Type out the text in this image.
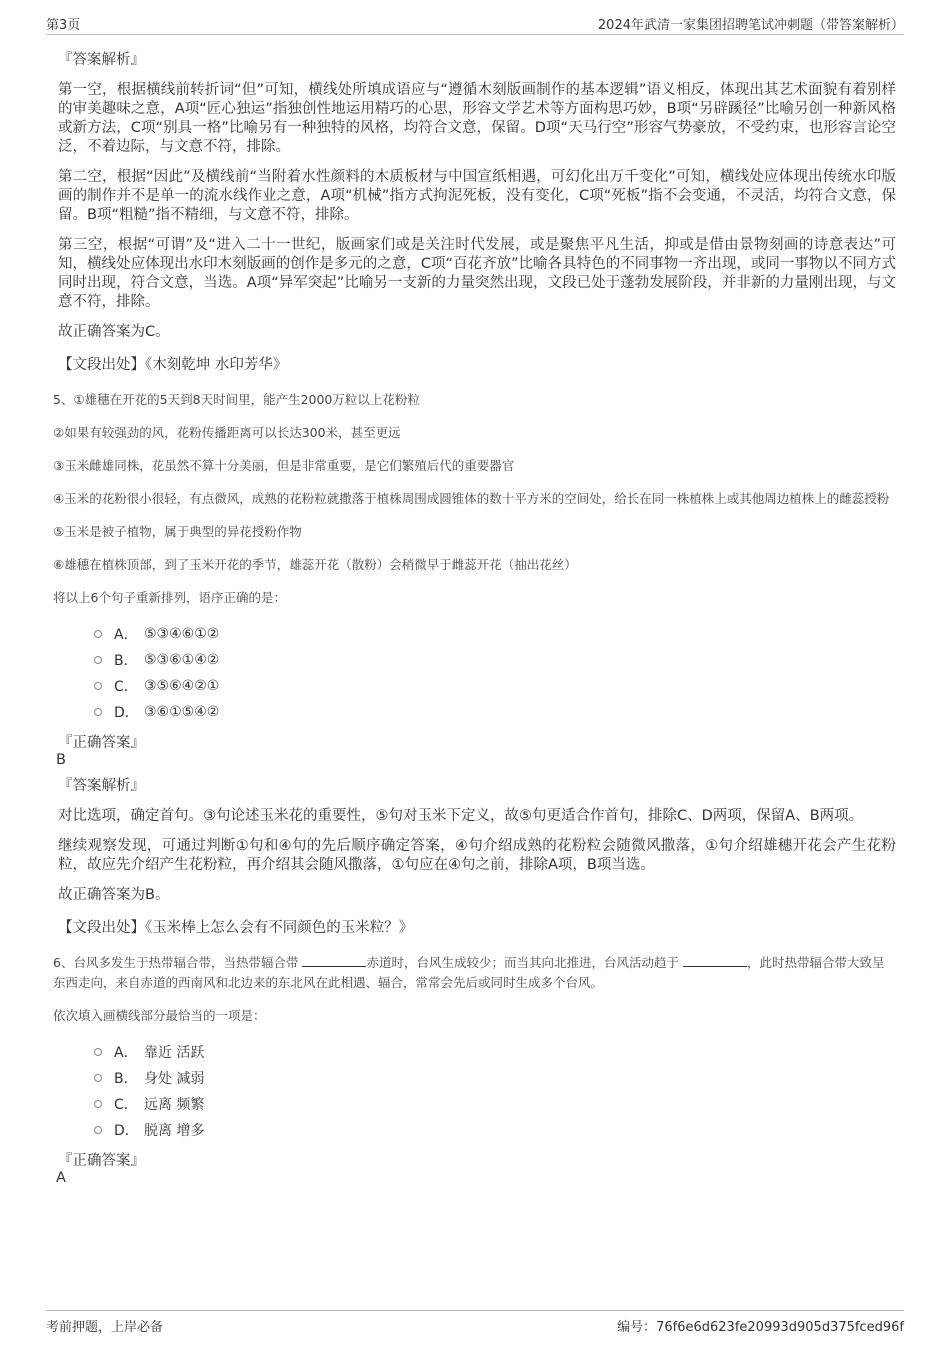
第3页	2024年武清一家集团招聘笔试冲刺题（带答案解析）
『答案解析』

第一空，根据横线前转折词“但”可知，横线处所填成语应与“遵循木刻版画制作的基本逻辑”语义相反，体现出其艺术面貌有着别样的审美趣味之意，A项“匠心独运”指独创性地运用精巧的心思，形容文学艺术等方面构思巧妙，B项“另辟蹊径”比喻另创一种新风格或新方法，C项“别具一格”比喻另有一种独特的风格，均符合文意，保留。D项“天马行空”形容气势豪放，不受约束，也形容言论空泛，不着边际，与文意不符，排除。

第二空，根据“因此”及横线前“当附着水性颜料的木质板材与中国宣纸相遇，可幻化出万千变化”可知，横线处应体现出传统水印版画的制作并不是单一的流水线作业之意，A项“机械”指方式拘泥死板，没有变化，C项“死板”指不会变通，不灵活，均符合文意，保留。B项“粗糙”指不精细，与文意不符，排除。

第三空，根据“可谓”及“进入二十一世纪，版画家们或是关注时代发展，或是聚焦平凡生活，抑或是借由景物刻画的诗意表达”可知，横线处应体现出水印木刻版画的创作是多元的之意，C项“百花齐放”比喻各具特色的不同事物一齐出现，或同一事物以不同方式同时出现，符合文意，当选。A项“异军突起”比喻另一支新的力量突然出现，文段已处于蓬勃发展阶段，并非新的力量刚出现，与文意不符，排除。

故正确答案为C。

【文段出处】《木刻乾坤 水印芳华》
5、①雄穗在开花的5天到8天时间里，能产生2000万粒以上花粉粒
②如果有较强劲的风，花粉传播距离可以长达300米，甚至更远
③玉米雌雄同株，花虽然不算十分美丽，但是非常重要，是它们繁殖后代的重要器官
④玉米的花粉很小很轻，有点微风，成熟的花粉粒就撒落于植株周围成圆锥体的数十平方米的空间处，给长在同一株植株上或其他周边植株上的雌蕊授粉
⑤玉米是被子植物，属于典型的异花授粉作物
⑥雄穗在植株顶部，到了玉米开花的季节，雄蕊开花（散粉）会稍微早于雌蕊开花（抽出花丝）
将以上6个句子重新排列，语序正确的是：
A． ⑤③④⑥①②
B． ⑤③⑥①④②
C． ③⑤⑥④②①
D． ③⑥①⑤④②
『正确答案』
B
『答案解析』

对比选项，确定首句。③句论述玉米花的重要性，⑤句对玉米下定义，故⑤句更适合作首句，排除C、D两项，保留A、B两项。

继续观察发现，可通过判断①句和④句的先后顺序确定答案，④句介绍成熟的花粉粒会随微风撒落，①句介绍雄穗开花会产生花粉粒，故应先介绍产生花粉粒，再介绍其会随风撒落，①句应在④句之前，排除A项，B项当选。

故正确答案为B。

【文段出处】《玉米棒上怎么会有不同颜色的玉米粒？》
6、台风多发生于热带辐合带，当热带辐合带	赤道时，台风生成较少；而当其向北推进，台风活动趋于	，此时热带辐合带大致呈东西走向，来自赤道的西南风和北边来的东北风在此相遇、辐合，常常会先后或同时生成多个台风。
依次填入画横线部分最恰当的一项是：
A． 靠近 活跃
B． 身处 减弱
C． 远离 频繁
D． 脱离 增多
『正确答案』
A
考前押题，上岸必备	编号：76f6e6d623fe20993d905d375fced96f
